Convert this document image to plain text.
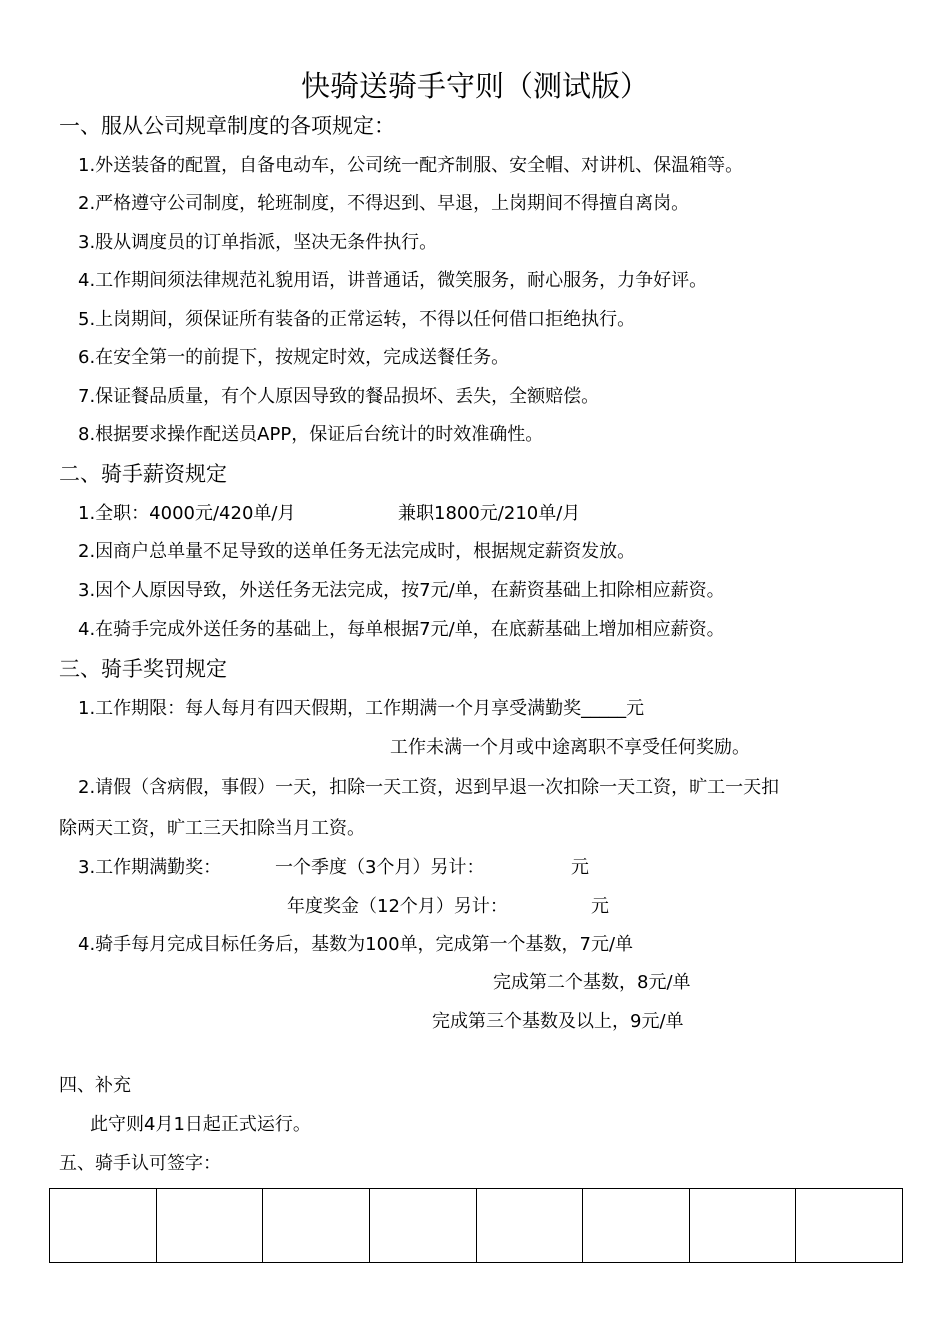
快骑送骑手守则（测试版）
一、服从公司规章制度的各项规定：
1.外送装备的配置，自备电动车，公司统一配齐制服、安全帽、对讲机、保温箱等。
2.严格遵守公司制度，轮班制度，不得迟到、早退，上岗期间不得擅自离岗。
3.股从调度员的订单指派，坚决无条件执行。
4.工作期间须法律规范礼貌用语，讲普通话，微笑服务，耐心服务，力争好评。
5.上岗期间，须保证所有装备的正常运转，不得以任何借口拒绝执行。
6.在安全第一的前提下，按规定时效，完成送餐任务。
7.保证餐品质量，有个人原因导致的餐品损坏、丢失，全额赔偿。
8.根据要求操作配送员APP，保证后台统计的时效准确性。
二、骑手薪资规定
1.全职：4000元/420单/月	兼职1800元/210单/月
2.因商户总单量不足导致的送单任务无法完成时，根据规定薪资发放。
3.因个人原因导致，外送任务无法完成，按7元/单，在薪资基础上扣除相应薪资。
4.在骑手完成外送任务的基础上，每单根据7元/单，在底薪基础上增加相应薪资。
三、骑手奖罚规定
1.工作期限：每人每月有四天假期，工作期满一个月享受满勤奖_____元
工作未满一个月或中途离职不享受任何奖励。
2.请假（含病假，事假）一天，扣除一天工资，迟到早退一次扣除一天工资，旷工一天扣
除两天工资，旷工三天扣除当月工资。
3.工作期满勤奖：	一个季度（3个月）另计：	元
年度奖金（12个月）另计：	元
4.骑手每月完成目标任务后，基数为100单，完成第一个基数，7元/单
完成第二个基数，8元/单
完成第三个基数及以上，9元/单
四、补充
此守则4月1日起正式运行。
五、骑手认可签字：
